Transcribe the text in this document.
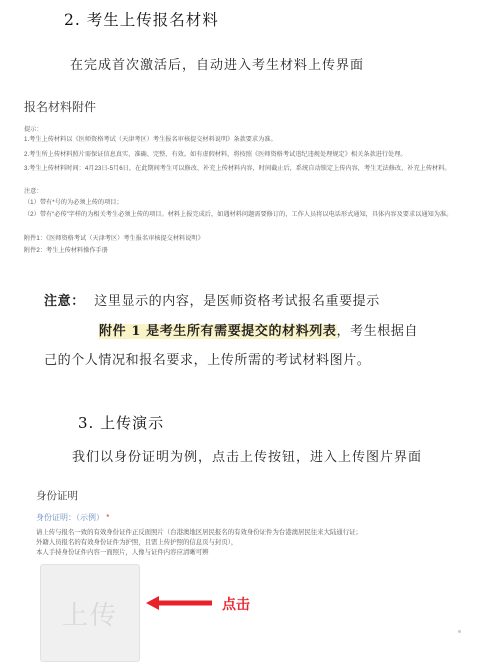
2. 考生上传报名材料
在完成首次激活后，自动进入考生材料上传界面
报名材料附件
提示：
1.考生上传材料以《医师资格考试（天津考区）考生报名审核提交材料说明》条款要求为准。
2.考生所上传材料照片需保证信息真实、准确、完整、有效。如有虚假材料，将按照《医师资格考试违纪违规处理规定》相关条款进行处理。
3.考生上传材料时间：4月23日-5月6日，在此期间考生可以修改、补充上传材料内容，时间截止后，系统自动锁定上传内容，考生无法修改、补充上传材料。
注意：
（1）带有*号的为必须上传的项目；
（2）带有“必传”字样的为相关考生必须上传的项目。材料上报完成后，如遇材料问题需要修订的，工作人员将以电话形式通知，具体内容及要求以通知为准。
附件1：《医师资格考试（天津考区）考生报名审核提交材料说明》
附件2：考生上传材料操作手册
注意： 这里显示的内容，是医师资格考试报名重要提示
附件 1 是考生所有需要提交的材料列表，考生根据自
己的个人情况和报名要求，上传所需的考试材料图片。
3. 上传演示
我们以身份证明为例，点击上传按钮，进入上传图片界面
身份证明
身份证明：（示例） *
请上传与报名一致的有效身份证件正反面照片（台港澳地区居民报名的有效身份证件为台港澳居民往来大陆通行证；
外籍人员报名的有效身份证件为护照，且需上传护照的信息页与封页），
本人手持身份证件内容一面照片，人像与证件内容应清晰可辨
上传	点击
